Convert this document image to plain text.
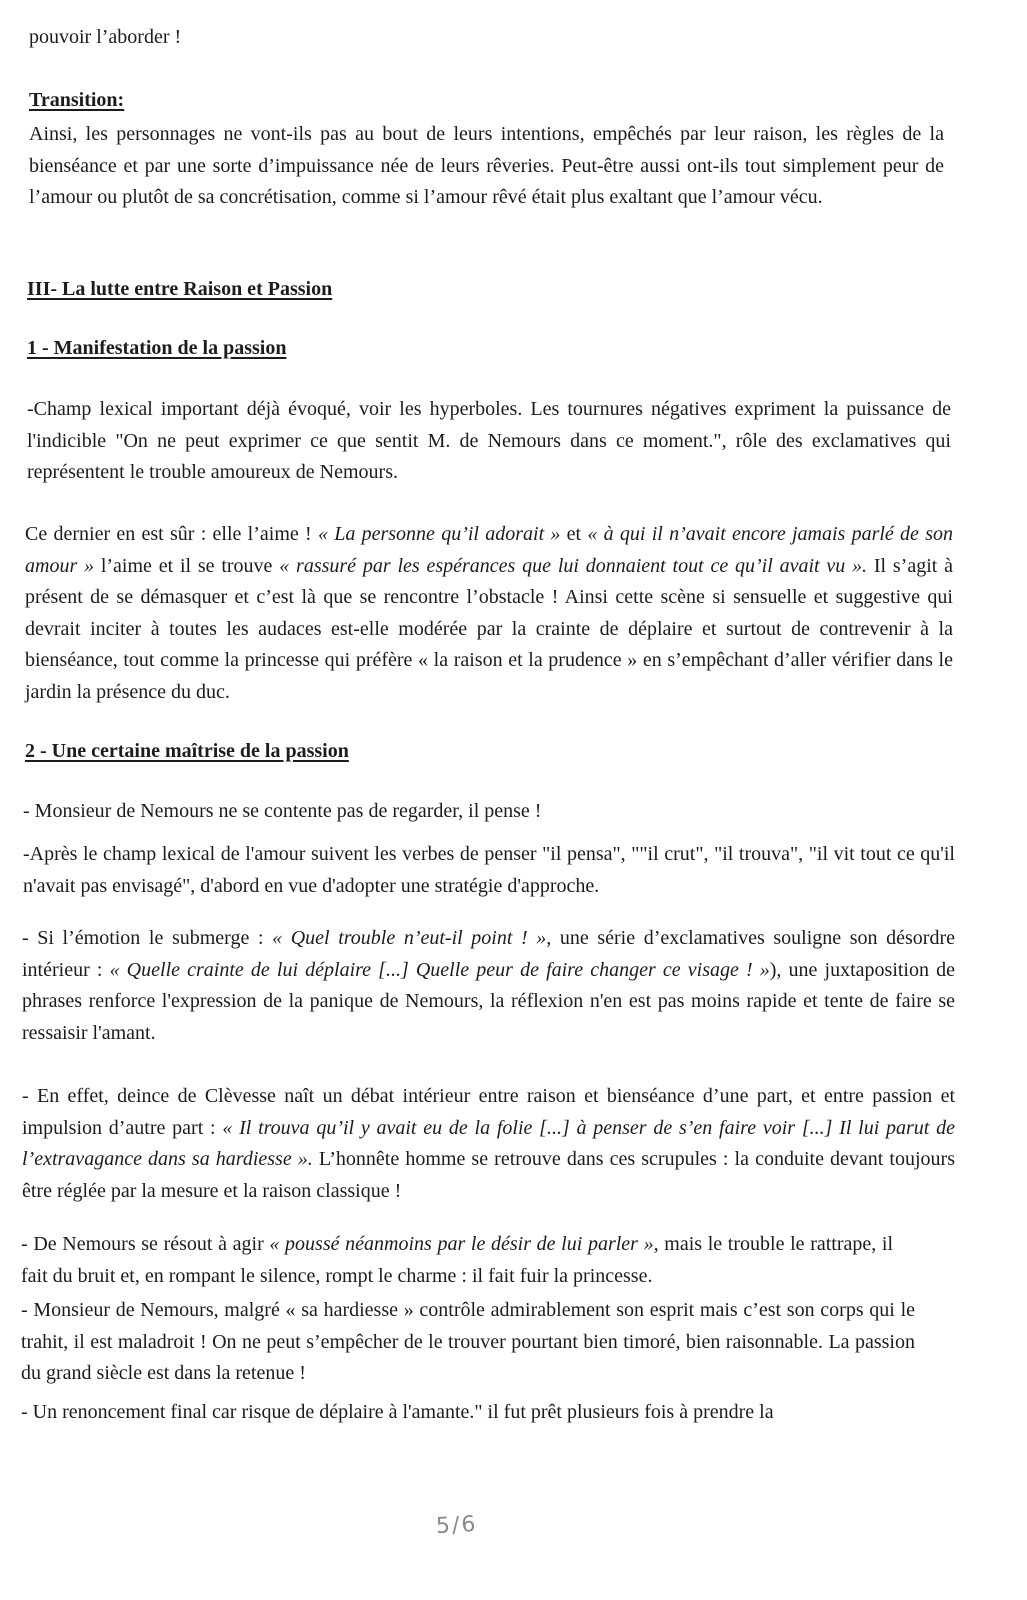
pouvoir l’aborder !

Transition:

Ainsi, les personnages ne vont-ils pas au bout de leurs intentions, empêchés par leur raison, les règles de la bienséance et par une sorte d’impuissance née de leurs rêveries. Peut-être aussi ont-ils tout simplement peur de l’amour ou plutôt de sa concrétisation, comme si l’amour rêvé était plus exaltant que l’amour vécu.

III- La lutte entre Raison et Passion

1 - Manifestation de la passion

-Champ lexical important déjà évoqué, voir les hyperboles. Les tournures négatives expriment la puissance de l'indicible "On ne peut exprimer ce que sentit M. de Nemours dans ce moment.", rôle des exclamatives qui représentent le trouble amoureux de Nemours.

Ce dernier en est sûr : elle l’aime ! « La personne qu’il adorait » et « à qui il n’avait encore jamais parlé de son amour » l’aime et il se trouve « rassuré par les espérances que lui donnaient tout ce qu’il avait vu ». Il s’agit à présent de se démasquer et c’est là que se rencontre l’obstacle ! Ainsi cette scène si sensuelle et suggestive qui devrait inciter à toutes les audaces est-elle modérée par la crainte de déplaire et surtout de contrevenir à la bienséance, tout comme la princesse qui préfère « la raison et la prudence » en s’empêchant d’aller vérifier dans le jardin la présence du duc.

2 - Une certaine maîtrise de la passion

- Monsieur de Nemours ne se contente pas de regarder, il pense !

-Après le champ lexical de l'amour suivent les verbes de penser "il pensa", ""il crut", "il trouva", "il vit tout ce qu'il n'avait pas envisagé", d'abord en vue d'adopter une stratégie d'approche.

- Si l’émotion le submerge : « Quel trouble n’eut-il point ! », une série d’exclamatives souligne son désordre intérieur : « Quelle crainte de lui déplaire [...] Quelle peur de faire changer ce visage ! »), une juxtaposition de phrases renforce l'expression de la panique de Nemours, la réflexion n'en est pas moins rapide et tente de faire se ressaisir l'amant.

- En effet, deince de Clèvesse naît un débat intérieur entre raison et bienséance d’une part, et entre passion et impulsion d’autre part : « Il trouva qu’il y avait eu de la folie [...] à penser de s’en faire voir [...] Il lui parut de l’extravagance dans sa hardiesse ». L’honnête homme se retrouve dans ces scrupules : la conduite devant toujours être réglée par la mesure et la raison classique !

- De Nemours se résout à agir « poussé néanmoins par le désir de lui parler », mais le trouble le rattrape, il fait du bruit et, en rompant le silence, rompt le charme : il fait fuir la princesse.

- Monsieur de Nemours, malgré « sa hardiesse » contrôle admirablement son esprit mais c’est son corps qui le trahit, il est maladroit ! On ne peut s’empêcher de le trouver pourtant bien timoré, bien raisonnable. La passion du grand siècle est dans la retenue !

- Un renoncement final car risque de déplaire à l'amante." il fut prêt plusieurs fois à prendre la

5/6
